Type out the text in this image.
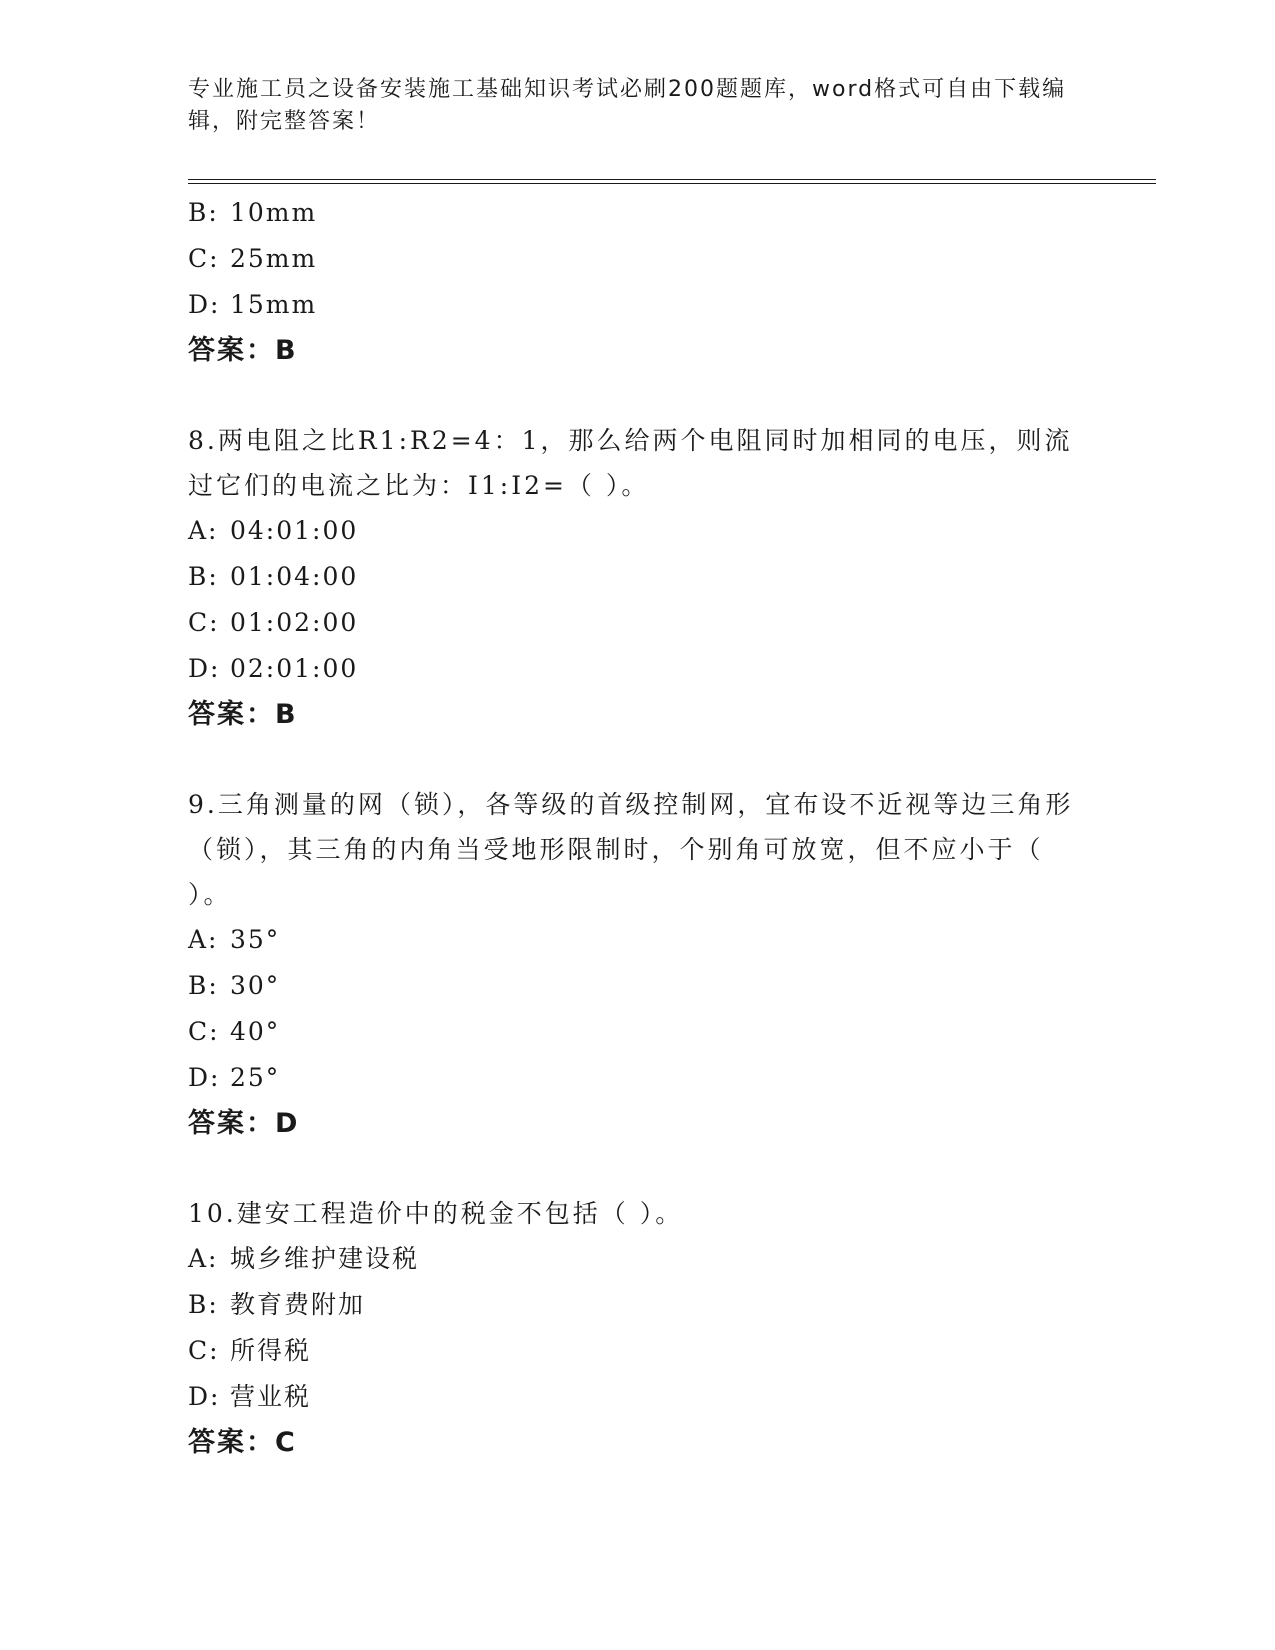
专业施工员之设备安装施工基础知识考试必刷200题题库，word格式可自由下载编辑，附完整答案！
B: 10mm
C: 25mm
D: 15mm
答案：B
8.两电阻之比R1:R2=4：1，那么给两个电阻同时加相同的电压，则流过它们的电流之比为：I1:I2=（ ）。
A: 04:01:00
B: 01:04:00
C: 01:02:00
D: 02:01:00
答案：B
9.三角测量的网（锁），各等级的首级控制网，宜布设不近视等边三角形（锁），其三角的内角当受地形限制时，个别角可放宽，但不应小于（ ）。
A: 35°
B: 30°
C: 40°
D: 25°
答案：D
10.建安工程造价中的税金不包括（ ）。
A: 城乡维护建设税
B: 教育费附加
C: 所得税
D: 营业税
答案：C
